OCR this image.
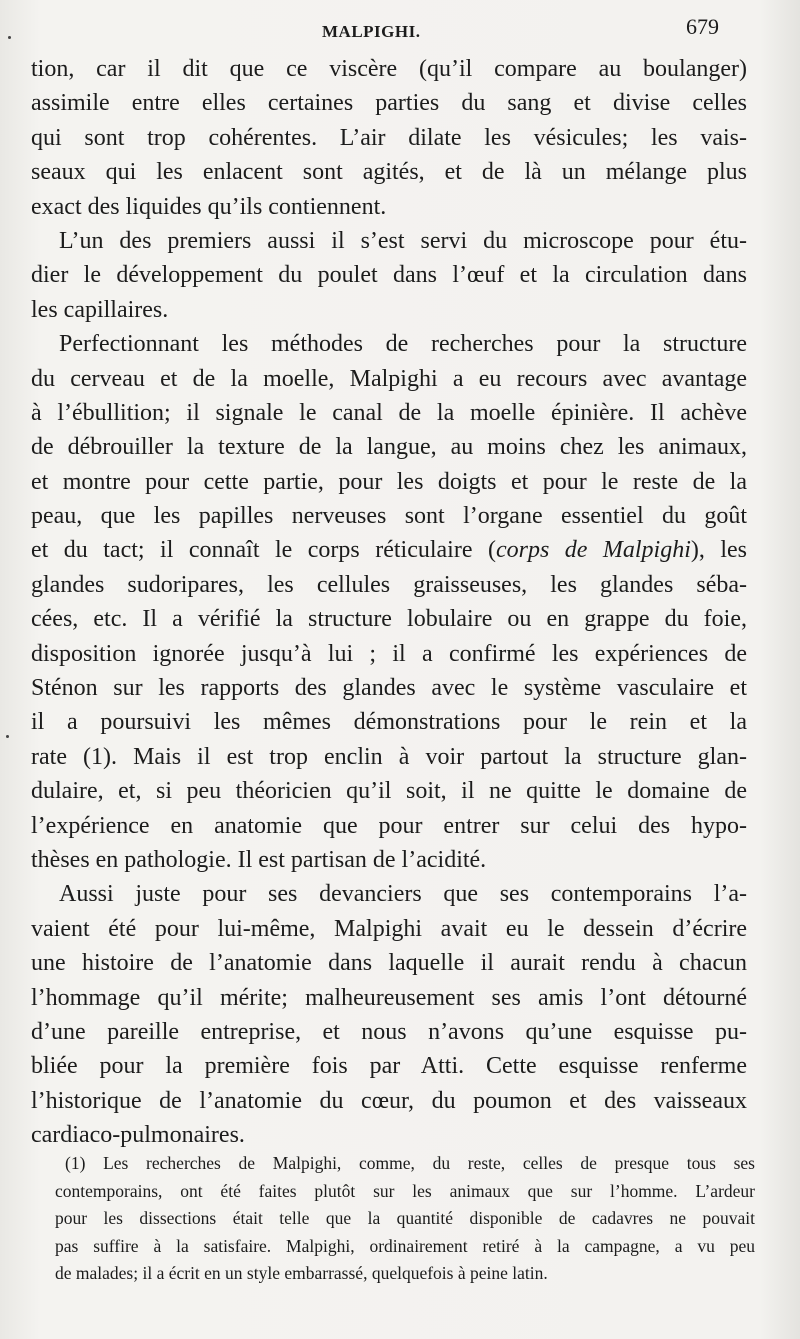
MALPIGHI.	679
tion, car il dit que ce viscère (qu’il compare au boulanger)
assimile entre elles certaines parties du sang et divise celles
qui sont trop cohérentes. L’air dilate les vésicules; les vais-
seaux qui les enlacent sont agités, et de là un mélange plus
exact des liquides qu’ils contiennent.
L’un des premiers aussi il s’est servi du microscope pour étu-
dier le développement du poulet dans l’œuf et la circulation dans
les capillaires.
Perfectionnant les méthodes de recherches pour la structure
du cerveau et de la moelle, Malpighi a eu recours avec avantage
à l’ébullition; il signale le canal de la moelle épinière. Il achève
de débrouiller la texture de la langue, au moins chez les animaux,
et montre pour cette partie, pour les doigts et pour le reste de la
peau, que les papilles nerveuses sont l’organe essentiel du goût
et du tact; il connaît le corps réticulaire (corps de Malpighi), les
glandes sudoripares, les cellules graisseuses, les glandes séba-
cées, etc. Il a vérifié la structure lobulaire ou en grappe du foie,
disposition ignorée jusqu’à lui ; il a confirmé les expériences de
Sténon sur les rapports des glandes avec le système vasculaire et
il a poursuivi les mêmes démonstrations pour le rein et la
rate (1). Mais il est trop enclin à voir partout la structure glan-
dulaire, et, si peu théoricien qu’il soit, il ne quitte le domaine de
l’expérience en anatomie que pour entrer sur celui des hypo-
thèses en pathologie. Il est partisan de l’acidité.
Aussi juste pour ses devanciers que ses contemporains l’a-
vaient été pour lui-même, Malpighi avait eu le dessein d’écrire
une histoire de l’anatomie dans laquelle il aurait rendu à chacun
l’hommage qu’il mérite; malheureusement ses amis l’ont détourné
d’une pareille entreprise, et nous n’avons qu’une esquisse pu-
bliée pour la première fois par Atti. Cette esquisse renferme
l’historique de l’anatomie du cœur, du poumon et des vaisseaux
cardiaco-pulmonaires.
(1) Les recherches de Malpighi, comme, du reste, celles de presque tous ses
contemporains, ont été faites plutôt sur les animaux que sur l’homme. L’ardeur
pour les dissections était telle que la quantité disponible de cadavres ne pouvait
pas suffire à la satisfaire. Malpighi, ordinairement retiré à la campagne, a vu peu
de malades; il a écrit en un style embarrassé, quelquefois à peine latin.
